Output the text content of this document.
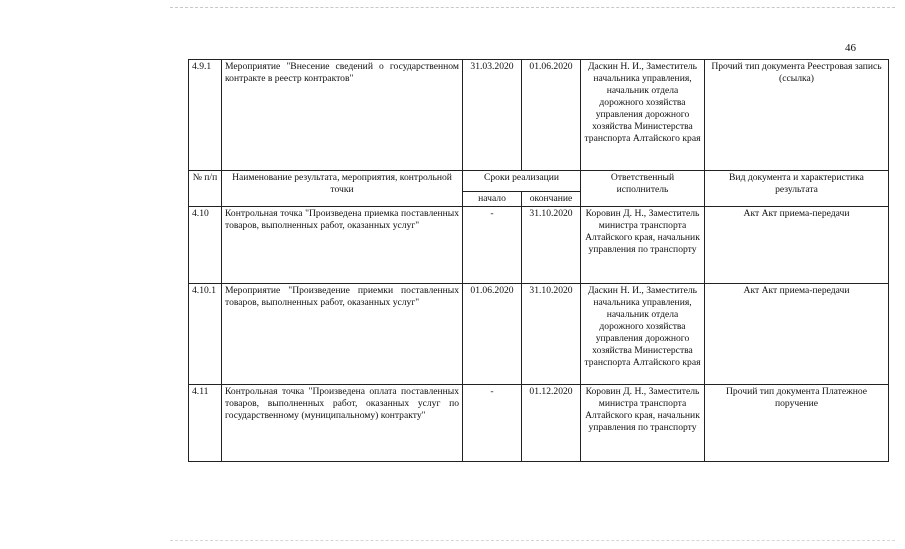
46
4.9.1	Мероприятие "Внесение сведений о государственном контракте в реестр контрактов"	31.03.2020	01.06.2020	Даскин Н. И., Заместитель начальника управления, начальник отдела дорожного хозяйства управления дорожного хозяйства Министерства транспорта Алтайского края	Прочий тип документа Реестровая запись (ссылка)
№ п/п	Наименование результата, мероприятия, контрольной точки	Сроки реализации		Ответственный исполнитель	Вид документа и характеристика результата
		начало	окончание		
4.10	Контрольная точка "Произведена приемка поставленных товаров, выполненных работ, оказанных услуг"	-	31.10.2020	Коровин Д. Н., Заместитель министра транспорта Алтайского края, начальник управления по транспорту	Акт Акт приема-передачи
4.10.1	Мероприятие "Произведение приемки поставленных товаров, выполненных работ, оказанных услуг"	01.06.2020	31.10.2020	Даскин Н. И., Заместитель начальника управления, начальник отдела дорожного хозяйства управления дорожного хозяйства Министерства транспорта Алтайского края	Акт Акт приема-передачи
4.11	Контрольная точка "Произведена оплата поставленных товаров, выполненных работ, оказанных услуг по государственному (муниципальному) контракту"	-	01.12.2020	Коровин Д. Н., Заместитель министра транспорта Алтайского края, начальник управления по транспорту	Прочий тип документа Платежное поручение
